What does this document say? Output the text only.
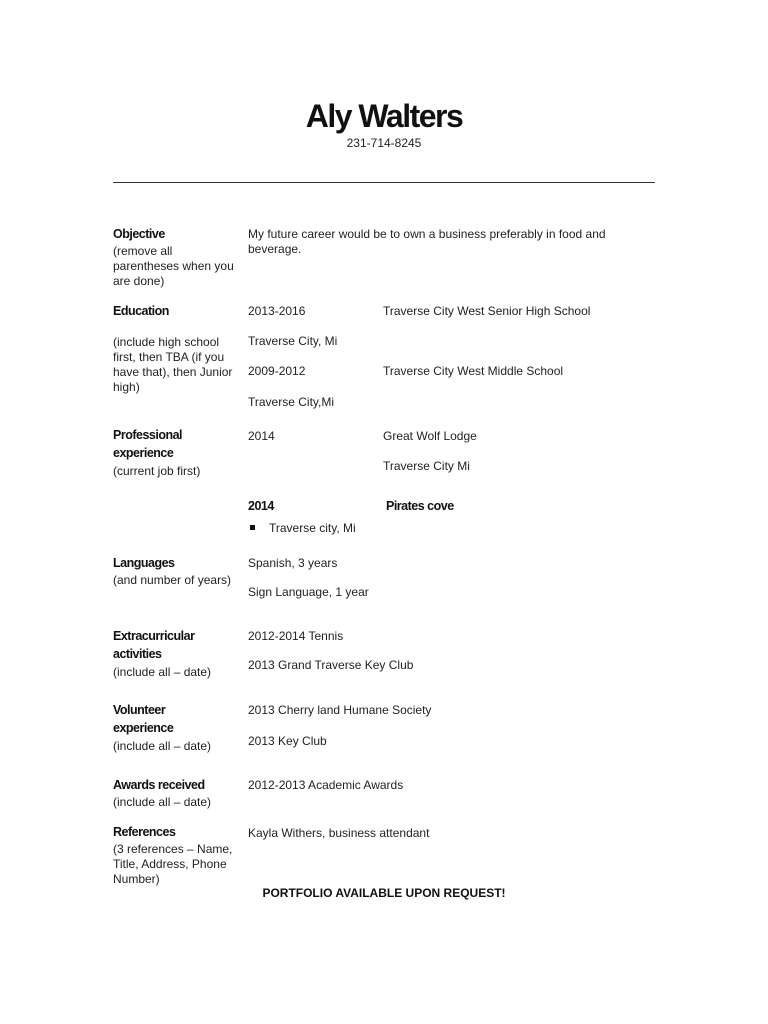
Aly Walters
231-714-8245
Objective
(remove all parentheses when you are done)
My future career would be to own a business preferably in food and beverage.
Education
(include high school first, then TBA (if you have that), then Junior high)
2013-2016	Traverse City West Senior High School
Traverse City, Mi
2009-2012	Traverse City West Middle School
Traverse City,Mi
Professional
experience
(current job first)
2014	Great Wolf Lodge
Traverse City Mi
2014	Pirates cove
Traverse city, Mi
Languages
(and number of years)
Spanish, 3 years
Sign Language, 1 year
Extracurricular
activities
(include all – date)
2012-2014 Tennis
2013 Grand Traverse Key Club
Volunteer
experience
(include all – date)
2013 Cherry land Humane Society
2013 Key Club
Awards received
(include all – date)
2012-2013 Academic Awards
References
(3 references – Name, Title, Address, Phone Number)
Kayla Withers, business attendant
PORTFOLIO AVAILABLE UPON REQUEST!
